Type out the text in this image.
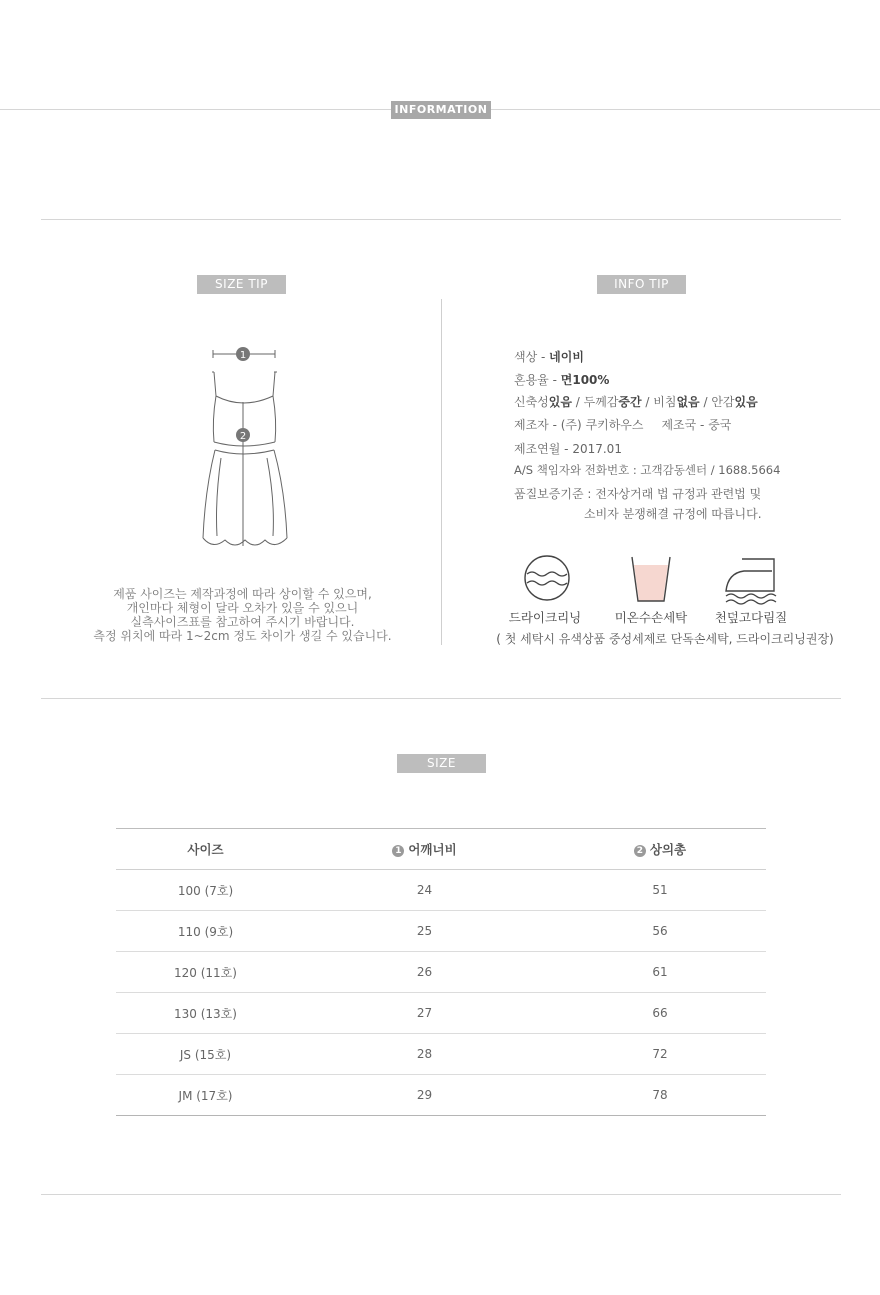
INFORMATION
SIZE TIP
1
2
제품 사이즈는 제작과정에 따라 상이할 수 있으며,
개인마다 체형이 달라 오차가 있을 수 있으니
실측사이즈표를 참고하여 주시기 바랍니다.
측정 위치에 따라 1~2cm 정도 차이가 생길 수 있습니다.
INFO TIP
색상 - 네이비
혼용율 - 면100%
신축성있음 / 두께감중간 / 비침없음 / 안감있음
제조자 - (주) 쿠키하우스 제조국 - 중국
제조연월 - 2017.01
A/S 책임자와 전화번호 : 고객감동센터 / 1688.5664
품질보증기준 : 전자상거래 법 규정과 관련법 및
소비자 분쟁해결 규정에 따릅니다.
드라이크리닝	미온수손세탁	천덮고다림질
( 첫 세탁시 유색상품 중성세제로 단독손세탁, 드라이크리닝권장)
SIZE
사이즈	1 어깨너비	2 상의총
100 (7호)	24	51
110 (9호)	25	56
120 (11호)	26	61
130 (13호)	27	66
JS (15호)	28	72
JM (17호)	29	78
